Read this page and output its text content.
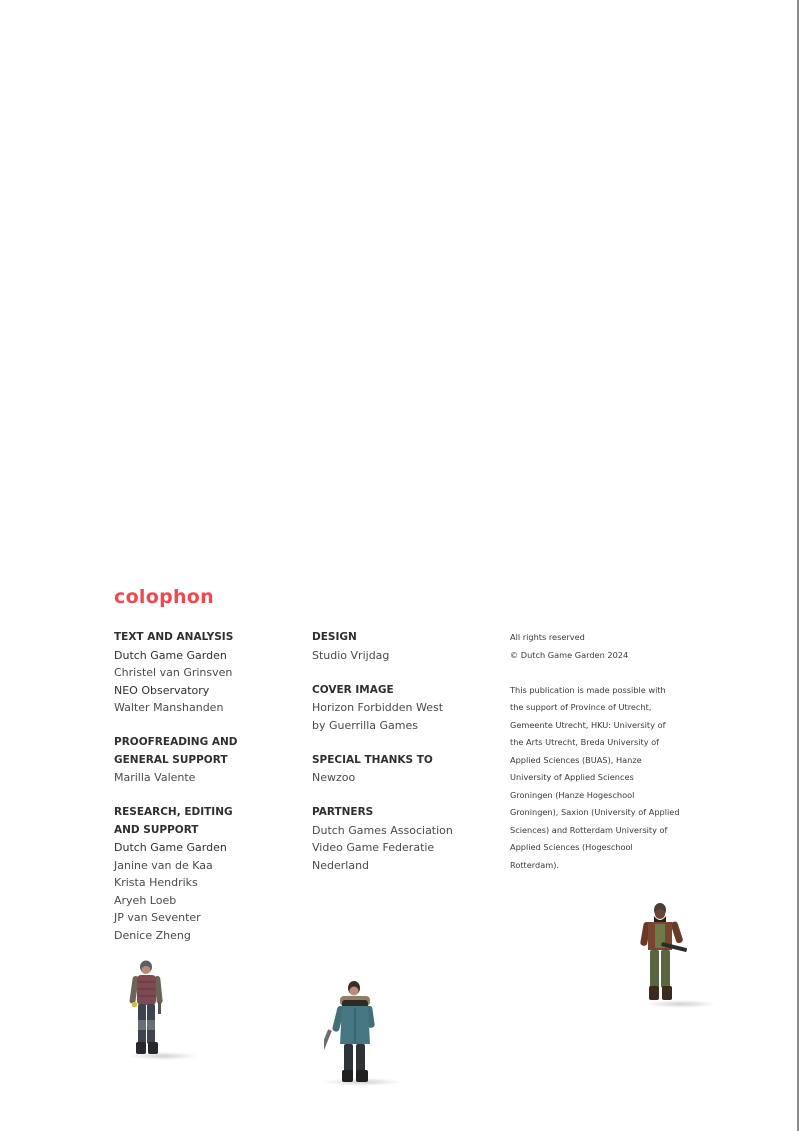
colophon
TEXT AND ANALYSIS
Dutch Game Garden
Christel van Grinsven
NEO Observatory
Walter Manshanden
PROOFREADING AND
GENERAL SUPPORT
Marilla Valente
RESEARCH, EDITING
AND SUPPORT
Dutch Game Garden
Janine van de Kaa
Krista Hendriks
Aryeh Loeb
JP van Seventer
Denice Zheng
DESIGN
Studio Vrijdag
COVER IMAGE
Horizon Forbidden West
by Guerrilla Games
SPECIAL THANKS TO
Newzoo
PARTNERS
Dutch Games Association
Video Game Federatie
Nederland
All rights reserved
© Dutch Game Garden 2024
This publication is made possible with
the support of Province of Utrecht,
Gemeente Utrecht, HKU: University of
the Arts Utrecht, Breda University of
Applied Sciences (BUAS), Hanze
University of Applied Sciences
Groningen (Hanze Hogeschool
Groningen), Saxion (University of Applied
Sciences) and Rotterdam University of
Applied Sciences (Hogeschool
Rotterdam).
